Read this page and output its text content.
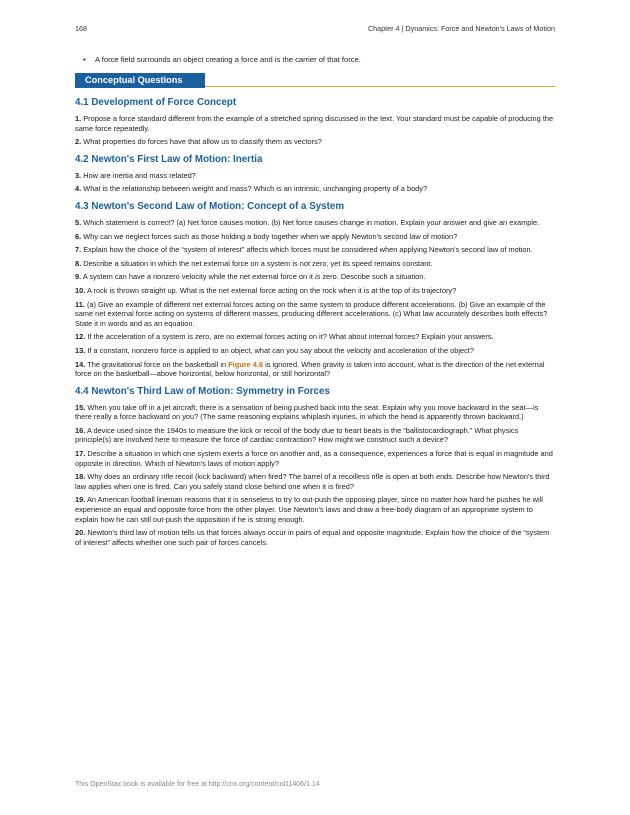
168	Chapter 4 | Dynamics: Force and Newton's Laws of Motion
• A force field surrounds an object creating a force and is the carrier of that force.
Conceptual Questions
4.1 Development of Force Concept

1. Propose a force standard different from the example of a stretched spring discussed in the text. Your standard must be capable of producing the same force repeatedly.

2. What properties do forces have that allow us to classify them as vectors?

4.2 Newton's First Law of Motion: Inertia

3. How are inertia and mass related?

4. What is the relationship between weight and mass? Which is an intrinsic, unchanging property of a body?

4.3 Newton's Second Law of Motion: Concept of a System

5. Which statement is correct? (a) Net force causes motion. (b) Net force causes change in motion. Explain your answer and give an example.

6. Why can we neglect forces such as those holding a body together when we apply Newton's second law of motion?

7. Explain how the choice of the “system of interest” affects which forces must be considered when applying Newton's second law of motion.

8. Describe a situation in which the net external force on a system is not zero, yet its speed remains constant.

9. A system can have a nonzero velocity while the net external force on it is zero. Describe such a situation.

10. A rock is thrown straight up. What is the net external force acting on the rock when it is at the top of its trajectory?

11. (a) Give an example of different net external forces acting on the same system to produce different accelerations. (b) Give an example of the same net external force acting on systems of different masses, producing different accelerations. (c) What law accurately describes both effects? State it in words and as an equation.

12. If the acceleration of a system is zero, are no external forces acting on it? What about internal forces? Explain your answers.

13. If a constant, nonzero force is applied to an object, what can you say about the velocity and acceleration of the object?

14. The gravitational force on the basketball in Figure 4.6 is ignored. When gravity is taken into account, what is the direction of the net external force on the basketball—above horizontal, below horizontal, or still horizontal?

4.4 Newton's Third Law of Motion: Symmetry in Forces

15. When you take off in a jet aircraft, there is a sensation of being pushed back into the seat. Explain why you move backward in the seat—is there really a force backward on you? (The same reasoning explains whiplash injuries, in which the head is apparently thrown backward.)

16. A device used since the 1940s to measure the kick or recoil of the body due to heart beats is the “ballistocardiograph.” What physics principle(s) are involved here to measure the force of cardiac contraction? How might we construct such a device?

17. Describe a situation in which one system exerts a force on another and, as a consequence, experiences a force that is equal in magnitude and opposite in direction. Which of Newton's laws of motion apply?

18. Why does an ordinary rifle recoil (kick backward) when fired? The barrel of a recoilless rifle is open at both ends. Describe how Newton's third law applies when one is fired. Can you safely stand close behind one when it is fired?

19. An American football lineman reasons that it is senseless to try to out-push the opposing player, since no matter how hard he pushes he will experience an equal and opposite force from the other player. Use Newton's laws and draw a free-body diagram of an appropriate system to explain how he can still out-push the opposition if he is strong enough.

20. Newton's third law of motion tells us that forces always occur in pairs of equal and opposite magnitude. Explain how the choice of the “system of interest” affects whether one such pair of forces cancels.

This OpenStax book is available for free at http://cnx.org/content/col11406/1.14
